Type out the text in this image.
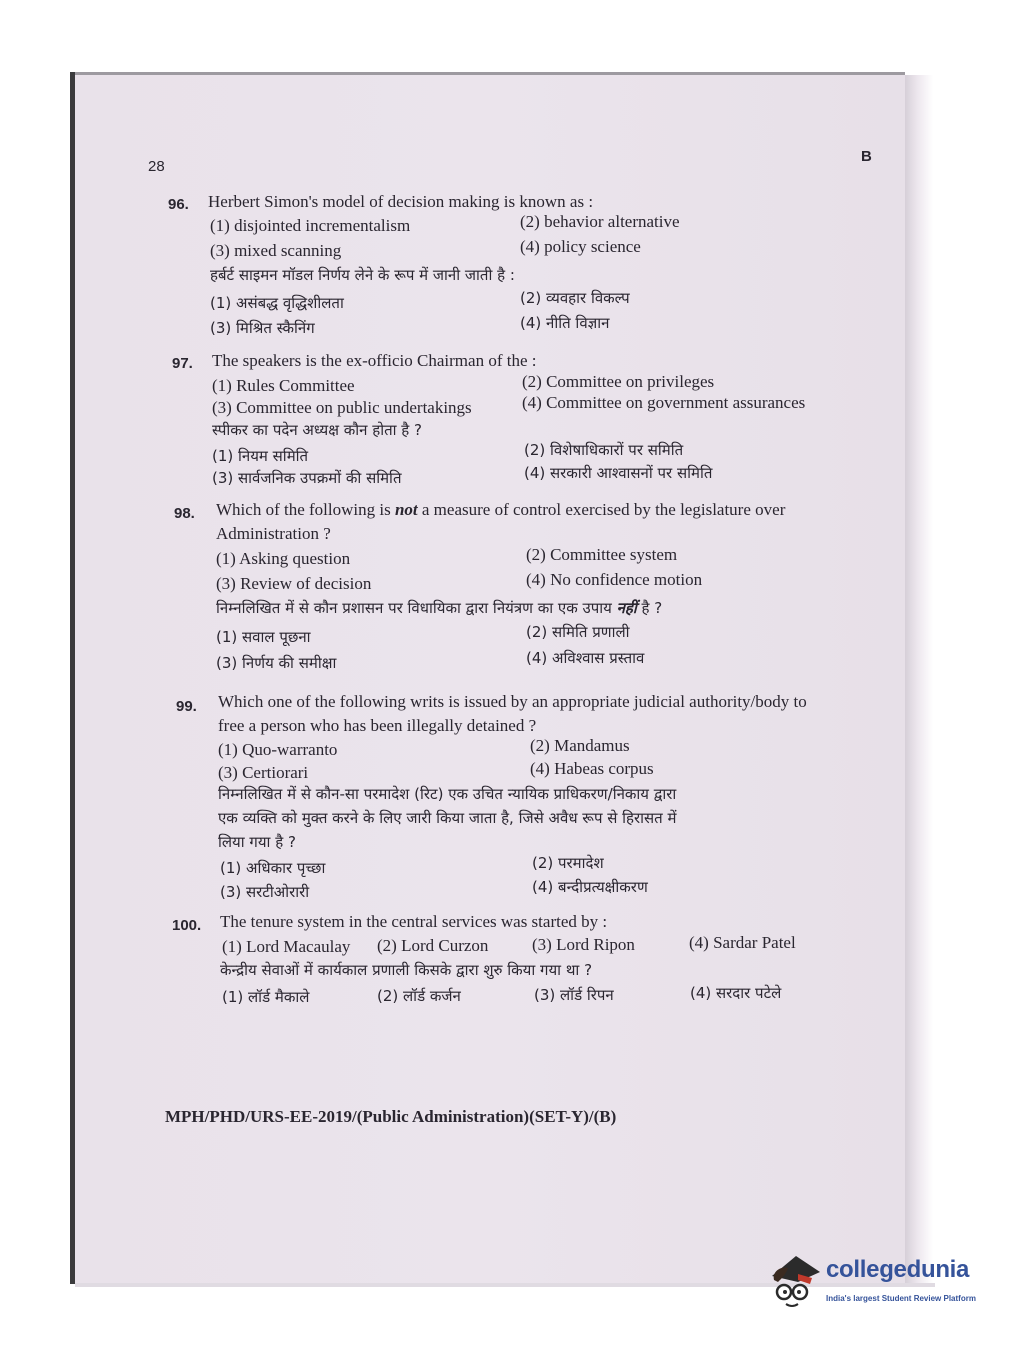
28
B
96. Herbert Simon's model of decision making is known as :
(1) disjointed incrementalism	(2) behavior alternative
(3) mixed scanning	(4) policy science
हर्बर्ट साइमन मॉडल निर्णय लेने के रूप में जानी जाती है :
(1) असंबद्ध वृद्धिशीलता	(2) व्यवहार विकल्प
(3) मिश्रित स्कैनिंग	(4) नीति विज्ञान
97. The speakers is the ex-officio Chairman of the :
(1) Rules Committee	(2) Committee on privileges
(3) Committee on public undertakings	(4) Committee on government assurances
स्पीकर का पदेन अध्यक्ष कौन होता है ?
(1) नियम समिति	(2) विशेषाधिकारों पर समिति
(3) सार्वजनिक उपक्रमों की समिति	(4) सरकारी आश्वासनों पर समिति
98. Which of the following is not a measure of control exercised by the legislature over
Administration ?
(1) Asking question	(2) Committee system
(3) Review of decision	(4) No confidence motion
निम्नलिखित में से कौन प्रशासन पर विधायिका द्वारा नियंत्रण का एक उपाय नहीं है ?
(1) सवाल पूछना	(2) समिति प्रणाली
(3) निर्णय की समीक्षा	(4) अविश्वास प्रस्ताव
99. Which one of the following writs is issued by an appropriate judicial authority/body to
free a person who has been illegally detained ?
(1) Quo-warranto	(2) Mandamus
(3) Certiorari	(4) Habeas corpus
निम्नलिखित में से कौन-सा परमादेश (रिट) एक उचित न्यायिक प्राधिकरण/निकाय द्वारा
एक व्यक्ति को मुक्त करने के लिए जारी किया जाता है, जिसे अवैध रूप से हिरासत में
लिया गया है ?
(1) अधिकार पृच्छा	(2) परमादेश
(3) सरटीओरारी	(4) बन्दीप्रत्यक्षीकरण
100. The tenure system in the central services was started by :
(1) Lord Macaulay (2) Lord Curzon	(3) Lord Ripon	(4) Sardar Patel
केन्द्रीय सेवाओं में कार्यकाल प्रणाली किसके द्वारा शुरु किया गया था ?
(1) लॉर्ड मैकाले	(2) लॉर्ड कर्जन	(3) लॉर्ड रिपन	(4) सरदार पटेले
MPH/PHD/URS-EE-2019/(Public Administration)(SET-Y)/(B)
collegedunia
India's largest Student Review Platform
